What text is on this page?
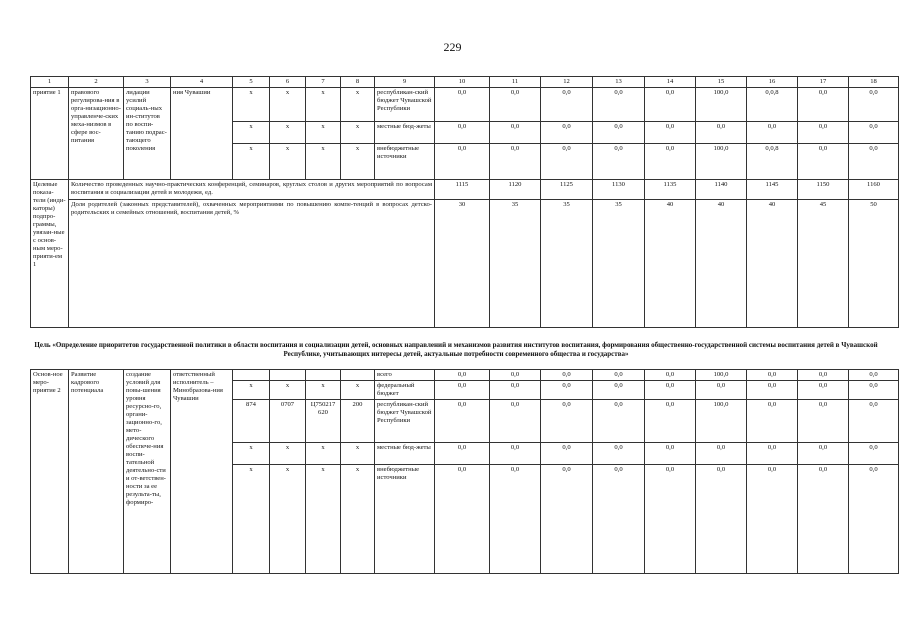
229
1	2	3	4	5	6	7	8	9	10	11	12	13	14	15	16	17	18
приятие 1	правового регулирова-ния в орга-низационно-управленче-ских меха-низмов в сфере вос-питания	лидации усилий социаль-ных ин-ститутов по воспи-танию подрас-тающего поколения	ния Чувашии	х	х	х	х	республикан-ский бюджет Чувашской Республики	0,0	0,0	0,0	0,0	0,0	100,0	0,0,8	0,0	0,0
				х	х	х	х	местные бюд-жеты	0,0	0,0	0,0	0,0	0,0	0,0	0,0	0,0	0,0
				х	х	х	х	внебюджетные источники	0,0	0,0	0,0	0,0	0,0	100,0	0,0,8	0,0	0,0
Целевые показа-тели (инди-каторы) подпро-граммы, увязан-ные с основ-ным меро-прияти-ем 1	Количество проведенных научно-практических конференций, семинаров, круглых столов и других мероприятий по вопросам воспитания и социализации детей и молодежи, ед.								1115	1120	1125	1130	1135	1140	1145	1150	1160
	Доля родителей (законных представителей), охваченных мероприятиями по повышению компе-тенций в вопросах детско-родительских и семейных отношений, воспитания детей, %								30	35	35	35	40	40	40	45	50
Цель «Определение приоритетов государственной политики в области воспитания и социализации детей, основных направлений и механизмов развития институтов воспитания, формирования общественно-государственной системы воспитания детей в Чувашской Республике, учитывающих интересы детей, актуальные потребности современного общества и государства»
Основ-ное меро-приятие 2	Развитие кадрового потенциала	создание условий для повы-шения уровня ресурсно-го, органи-зационно-го, мето-дического обеспече-ния воспи-тательной деятельно-сти и от-ветствен-ности за ее результа-ты, формиро-	ответственный исполнитель – Минобразова-ния Чувашии					всего	0,0	0,0	0,0	0,0	0,0	100,0	0,0	0,0	0,0
				х	х	х	х	федеральный бюджет	0,0	0,0	0,0	0,0	0,0	0,0	0,0	0,0	0,0
				874	0707	Ц750217 620	200	республикан-ский бюджет Чувашской Республики	0,0	0,0	0,0	0,0	0,0	100,0	0,0	0,0	0,0
				х	х	х	х	местные бюд-жеты	0,0	0,0	0,0	0,0	0,0	0,0	0,0	0,0	0,0
				х	х	х	х	внебюджетные источники	0,0	0,0	0,0	0,0	0,0	0,0	0,0	0,0	0,0
